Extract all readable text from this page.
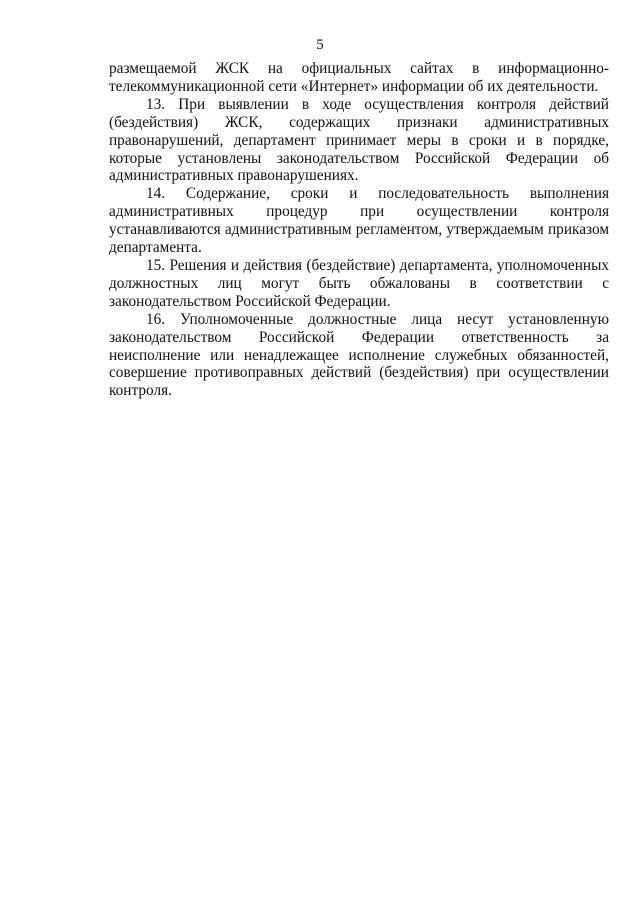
5

размещаемой ЖСК на официальных сайтах в информационно-телекоммуникационной сети «Интернет» информации об их деятельности.

13. При выявлении в ходе осуществления контроля действий (бездействия) ЖСК, содержащих признаки административных правонарушений, департамент принимает меры в сроки и в порядке, которые установлены законодательством Российской Федерации об административных правонарушениях.

14. Содержание, сроки и последовательность выполнения административных процедур при осуществлении контроля устанавливаются административным регламентом, утверждаемым приказом департамента.

15. Решения и действия (бездействие) департамента, уполномоченных должностных лиц могут быть обжалованы в соответствии с законодательством Российской Федерации.

16. Уполномоченные должностные лица несут установленную законодательством Российской Федерации ответственность за неисполнение или ненадлежащее исполнение служебных обязанностей, совершение противоправных действий (бездействия) при осуществлении контроля.
